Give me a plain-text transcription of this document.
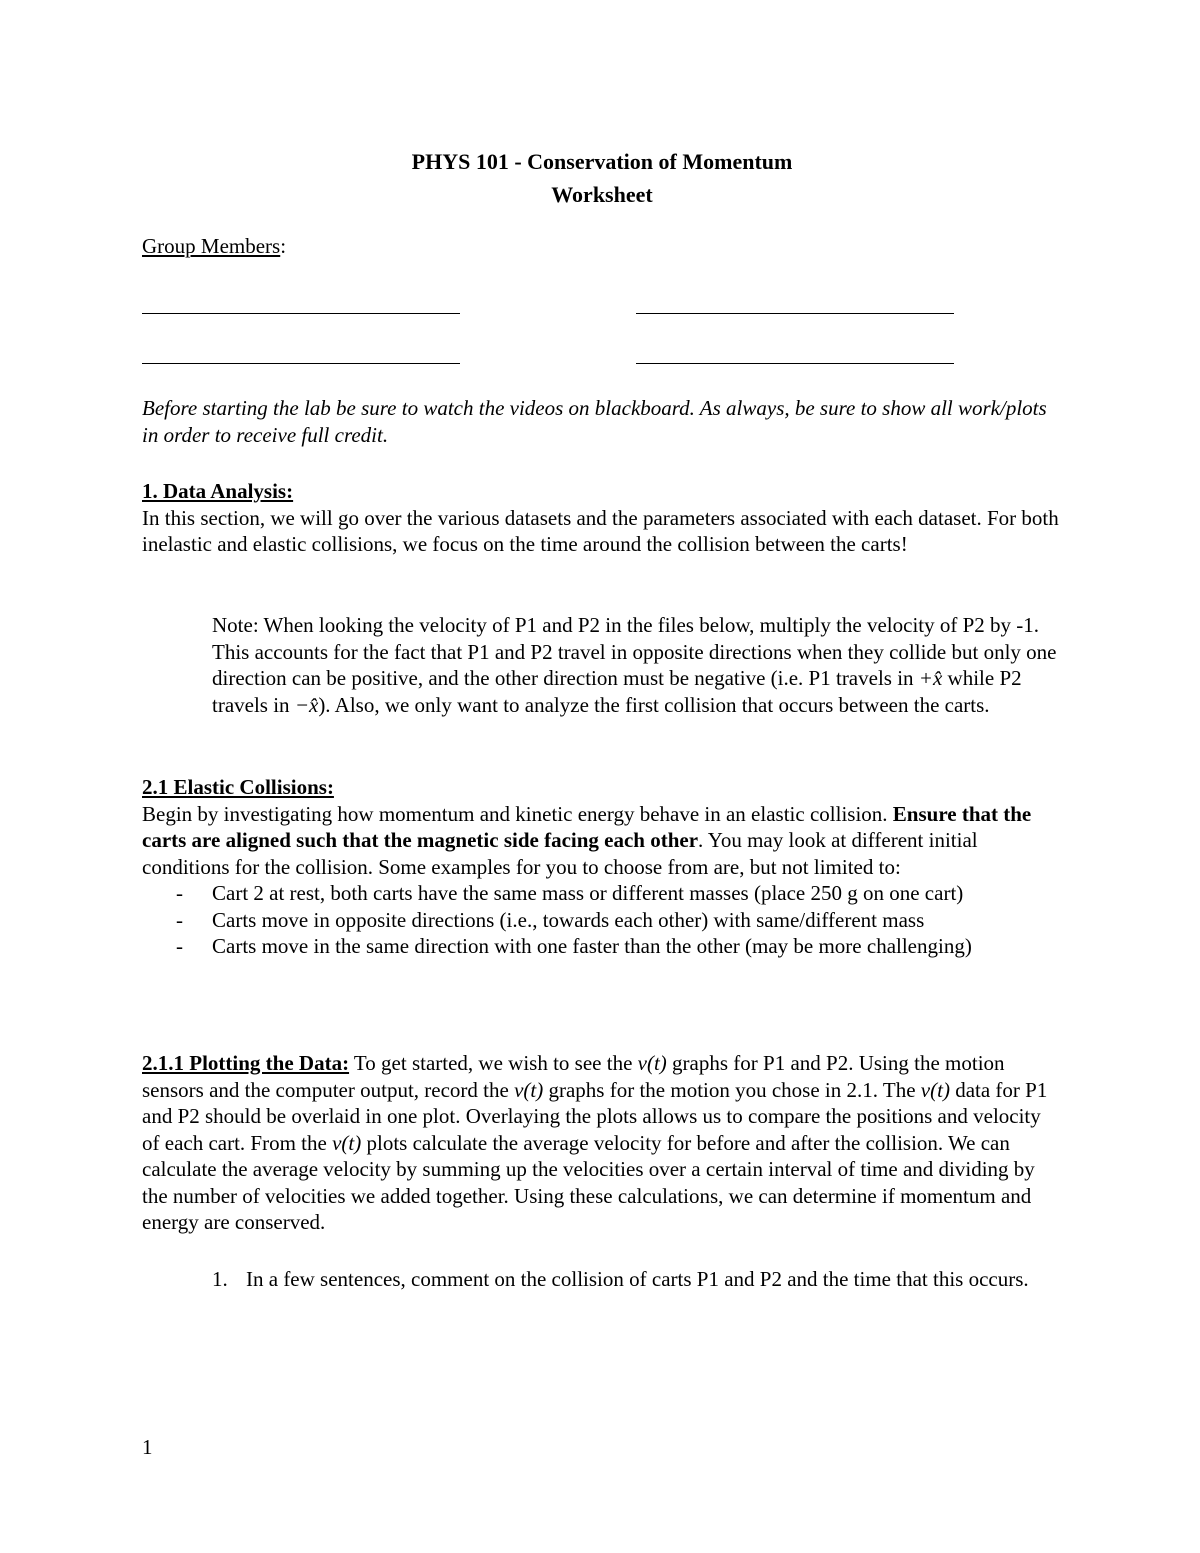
PHYS 101 - Conservation of Momentum
Worksheet
Group Members:

Before starting the lab be sure to watch the videos on blackboard. As always, be sure to show all work/plots in order to receive full credit.

1. Data Analysis:

In this section, we will go over the various datasets and the parameters associated with each dataset. For both inelastic and elastic collisions, we focus on the time around the collision between the carts!

Note: When looking the velocity of P1 and P2 in the files below, multiply the velocity of P2 by -1. This accounts for the fact that P1 and P2 travel in opposite directions when they collide but only one direction can be positive, and the other direction must be negative (i.e. P1 travels in +x̂ while P2 travels in −x̂). Also, we only want to analyze the first collision that occurs between the carts.

2.1 Elastic Collisions:

Begin by investigating how momentum and kinetic energy behave in an elastic collision. Ensure that the carts are aligned such that the magnetic side facing each other. You may look at different initial conditions for the collision. Some examples for you to choose from are, but not limited to:

- Cart 2 at rest, both carts have the same mass or different masses (place 250 g on one cart)
- Carts move in opposite directions (i.e., towards each other) with same/different mass
- Carts move in the same direction with one faster than the other (may be more challenging)

2.1.1 Plotting the Data: To get started, we wish to see the v(t) graphs for P1 and P2. Using the motion sensors and the computer output, record the v(t) graphs for the motion you chose in 2.1. The v(t) data for P1 and P2 should be overlaid in one plot. Overlaying the plots allows us to compare the positions and velocity of each cart. From the v(t) plots calculate the average velocity for before and after the collision. We can calculate the average velocity by summing up the velocities over a certain interval of time and dividing by the number of velocities we added together. Using these calculations, we can determine if momentum and energy are conserved.

1. In a few sentences, comment on the collision of carts P1 and P2 and the time that this occurs.
1
